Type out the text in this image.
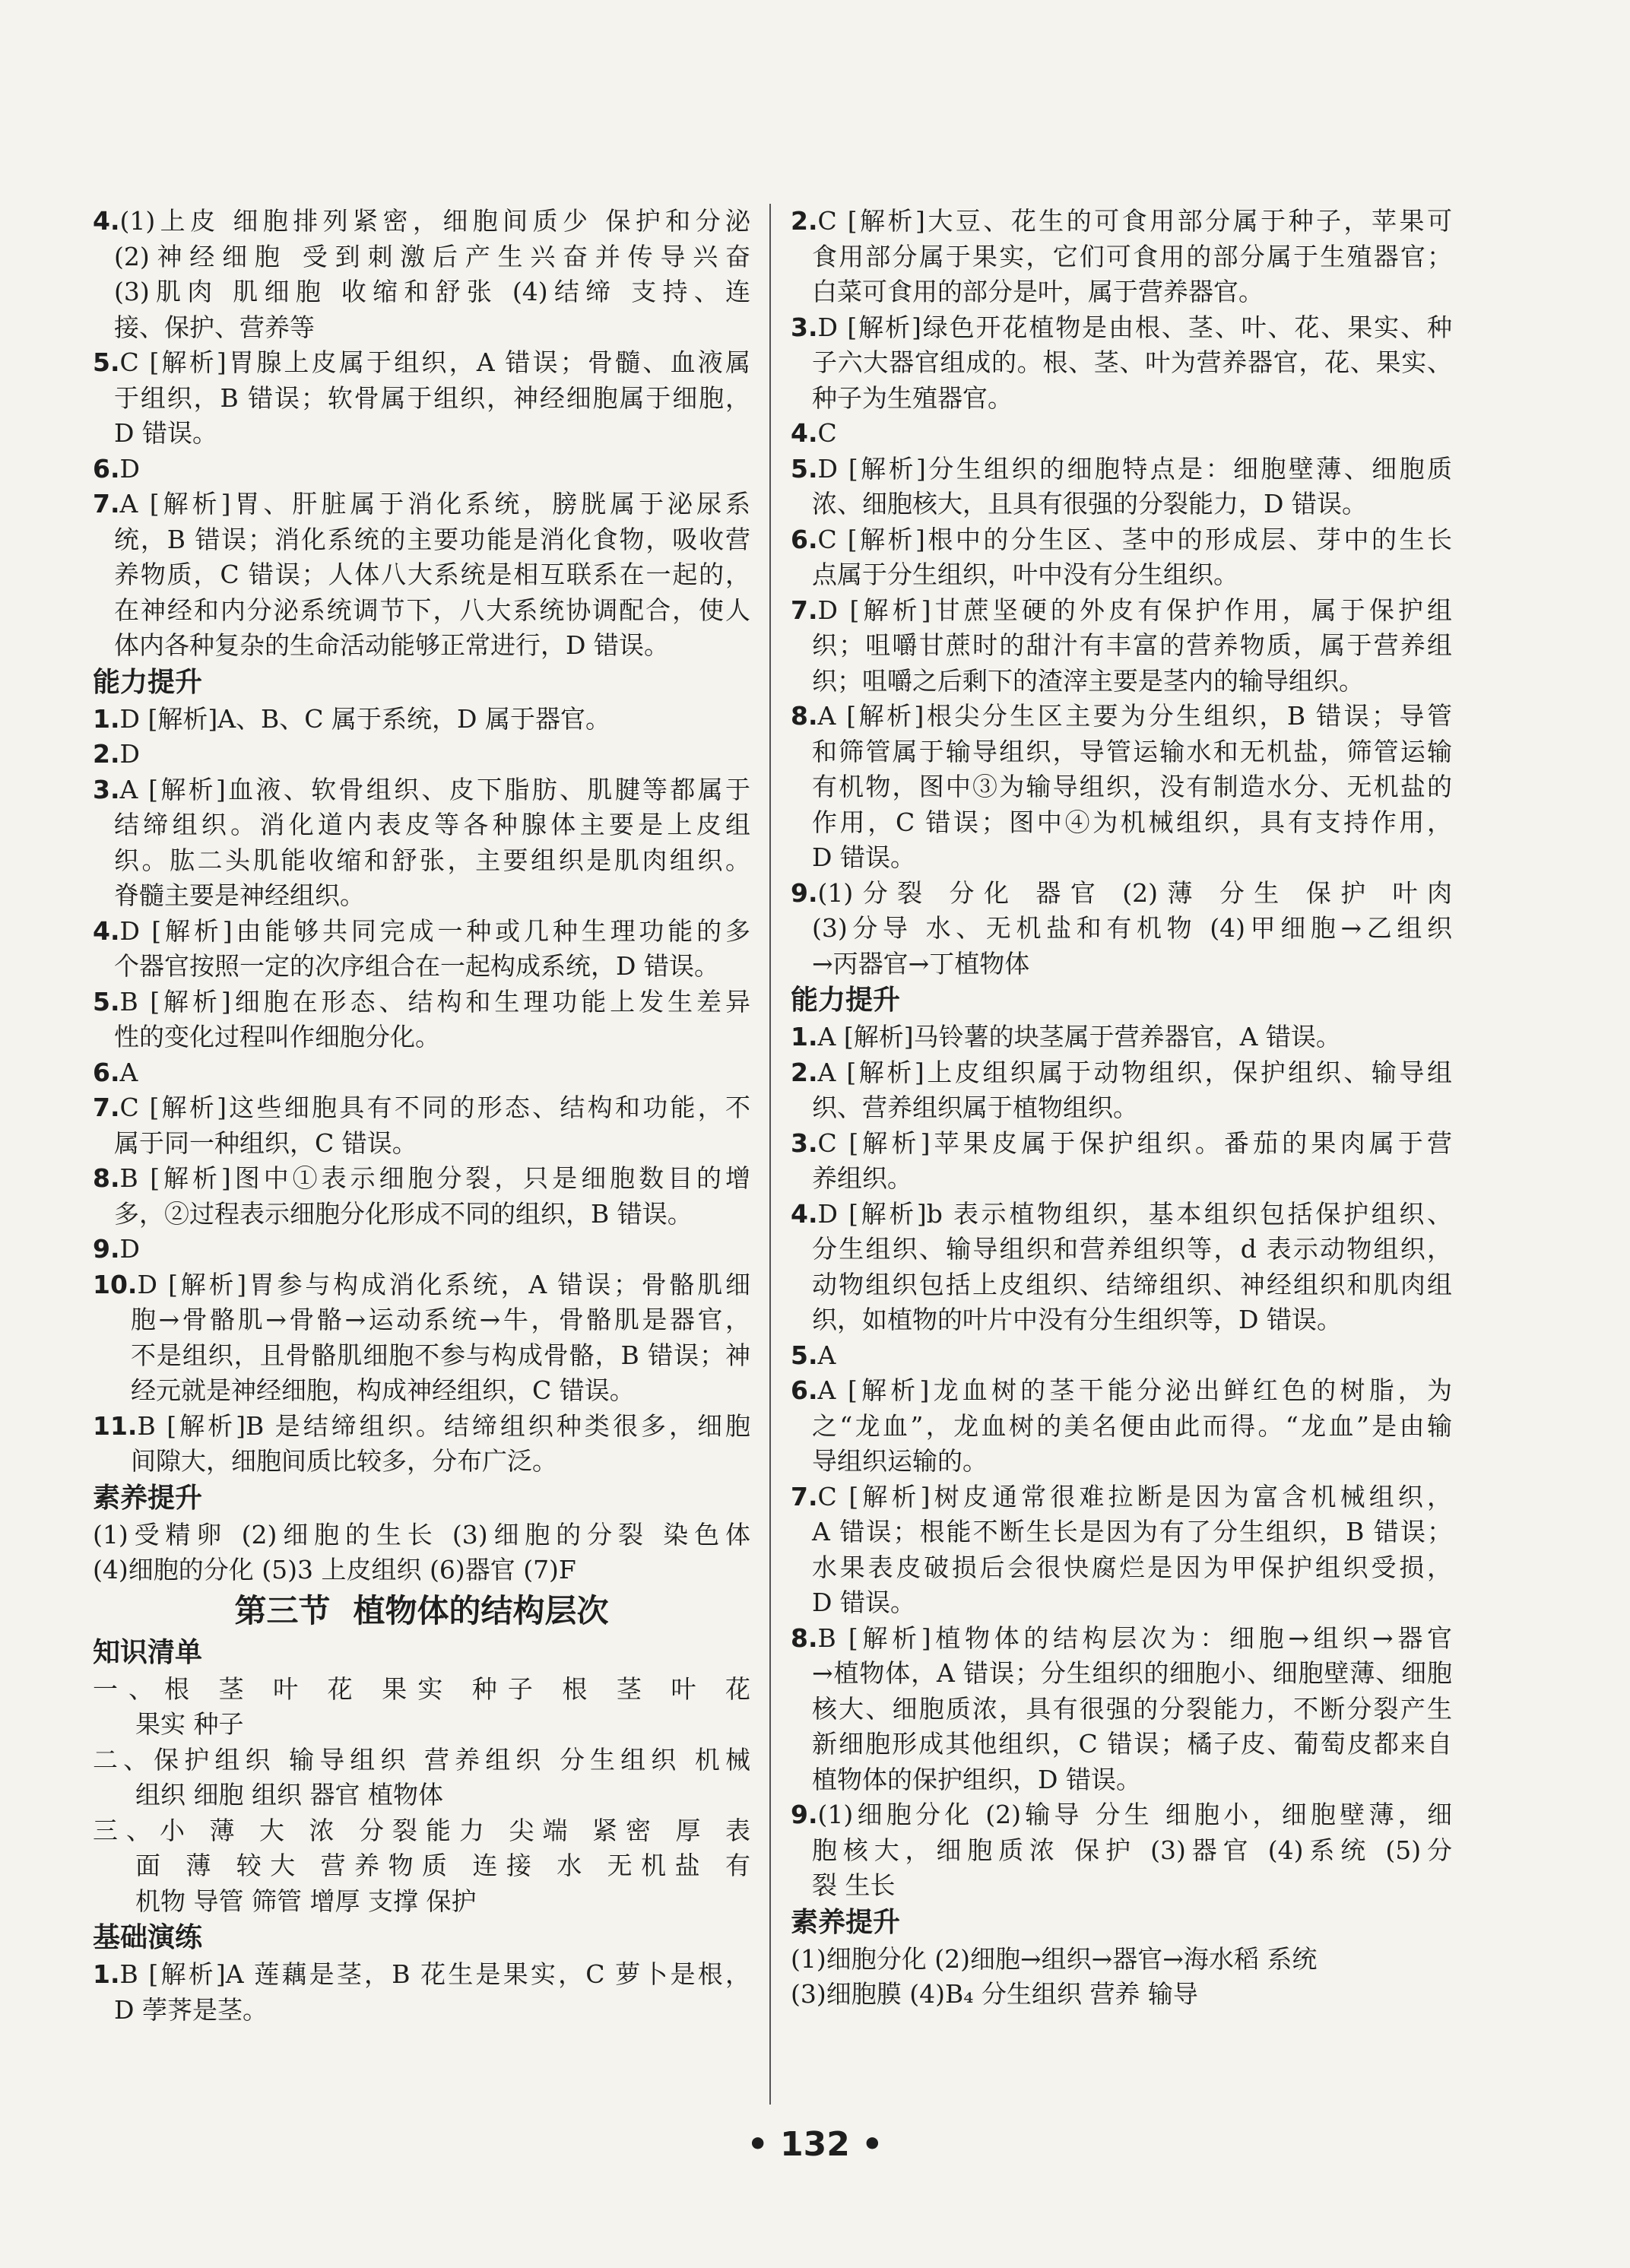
4.(1)上皮 细胞排列紧密，细胞间质少 保护和分泌
(2)神经细胞 受到刺激后产生兴奋并传导兴奋
(3)肌肉 肌细胞 收缩和舒张 (4)结缔 支持、连
接、保护、营养等
5.C [解析]胃腺上皮属于组织，A 错误；骨髓、血液属
于组织，B 错误；软骨属于组织，神经细胞属于细胞，
D 错误。
6.D
7.A [解析]胃、肝脏属于消化系统，膀胱属于泌尿系
统，B 错误；消化系统的主要功能是消化食物，吸收营
养物质，C 错误；人体八大系统是相互联系在一起的，
在神经和内分泌系统调节下，八大系统协调配合，使人
体内各种复杂的生命活动能够正常进行，D 错误。
能力提升
1.D [解析]A、B、C 属于系统，D 属于器官。
2.D
3.A [解析]血液、软骨组织、皮下脂肪、肌腱等都属于
结缔组织。消化道内表皮等各种腺体主要是上皮组
织。肱二头肌能收缩和舒张，主要组织是肌肉组织。
脊髓主要是神经组织。
4.D [解析]由能够共同完成一种或几种生理功能的多
个器官按照一定的次序组合在一起构成系统，D 错误。
5.B [解析]细胞在形态、结构和生理功能上发生差异
性的变化过程叫作细胞分化。
6.A
7.C [解析]这些细胞具有不同的形态、结构和功能，不
属于同一种组织，C 错误。
8.B [解析]图中①表示细胞分裂，只是细胞数目的增
多，②过程表示细胞分化形成不同的组织，B 错误。
9.D
10.D [解析]胃参与构成消化系统，A 错误；骨骼肌细
胞→骨骼肌→骨骼→运动系统→牛，骨骼肌是器官，
不是组织，且骨骼肌细胞不参与构成骨骼，B 错误；神
经元就是神经细胞，构成神经组织，C 错误。
11.B [解析]B 是结缔组织。结缔组织种类很多，细胞
间隙大，细胞间质比较多，分布广泛。
素养提升
(1)受精卵 (2)细胞的生长 (3)细胞的分裂 染色体
(4)细胞的分化 (5)3 上皮组织 (6)器官 (7)F
第三节 植物体的结构层次
知识清单
一、根 茎 叶 花 果实 种子 根 茎 叶 花
果实 种子
二、保护组织 输导组织 营养组织 分生组织 机械
组织 细胞 组织 器官 植物体
三、小 薄 大 浓 分裂能力 尖端 紧密 厚 表
面 薄 较大 营养物质 连接 水 无机盐 有
机物 导管 筛管 增厚 支撑 保护
基础演练
1.B [解析]A 莲藕是茎，B 花生是果实，C 萝卜是根，
D 荸荠是茎。
2.C [解析]大豆、花生的可食用部分属于种子，苹果可
食用部分属于果实，它们可食用的部分属于生殖器官；
白菜可食用的部分是叶，属于营养器官。
3.D [解析]绿色开花植物是由根、茎、叶、花、果实、种
子六大器官组成的。根、茎、叶为营养器官，花、果实、
种子为生殖器官。
4.C
5.D [解析]分生组织的细胞特点是：细胞壁薄、细胞质
浓、细胞核大，且具有很强的分裂能力，D 错误。
6.C [解析]根中的分生区、茎中的形成层、芽中的生长
点属于分生组织，叶中没有分生组织。
7.D [解析]甘蔗坚硬的外皮有保护作用，属于保护组
织；咀嚼甘蔗时的甜汁有丰富的营养物质，属于营养组
织；咀嚼之后剩下的渣滓主要是茎内的输导组织。
8.A [解析]根尖分生区主要为分生组织，B 错误；导管
和筛管属于输导组织，导管运输水和无机盐，筛管运输
有机物，图中③为输导组织，没有制造水分、无机盐的
作用，C 错误；图中④为机械组织，具有支持作用，
D 错误。
9.(1)分裂 分化 器官 (2)薄 分生 保护 叶肉
(3)分导 水、无机盐和有机物 (4)甲细胞→乙组织
→丙器官→丁植物体
能力提升
1.A [解析]马铃薯的块茎属于营养器官，A 错误。
2.A [解析]上皮组织属于动物组织，保护组织、输导组
织、营养组织属于植物组织。
3.C [解析]苹果皮属于保护组织。番茄的果肉属于营
养组织。
4.D [解析]b 表示植物组织，基本组织包括保护组织、
分生组织、输导组织和营养组织等，d 表示动物组织，
动物组织包括上皮组织、结缔组织、神经组织和肌肉组
织，如植物的叶片中没有分生组织等，D 错误。
5.A
6.A [解析]龙血树的茎干能分泌出鲜红色的树脂，为
之“龙血”，龙血树的美名便由此而得。“龙血”是由输
导组织运输的。
7.C [解析]树皮通常很难拉断是因为富含机械组织，
A 错误；根能不断生长是因为有了分生组织，B 错误；
水果表皮破损后会很快腐烂是因为甲保护组织受损，
D 错误。
8.B [解析]植物体的结构层次为：细胞→组织→器官
→植物体，A 错误；分生组织的细胞小、细胞壁薄、细胞
核大、细胞质浓，具有很强的分裂能力，不断分裂产生
新细胞形成其他组织，C 错误；橘子皮、葡萄皮都来自
植物体的保护组织，D 错误。
9.(1)细胞分化 (2)输导 分生 细胞小，细胞壁薄，细
胞核大，细胞质浓 保护 (3)器官 (4)系统 (5)分
裂 生长
素养提升
(1)细胞分化 (2)细胞→组织→器官→海水稻 系统
(3)细胞膜 (4)B₄ 分生组织 营养 输导
• 132 •
